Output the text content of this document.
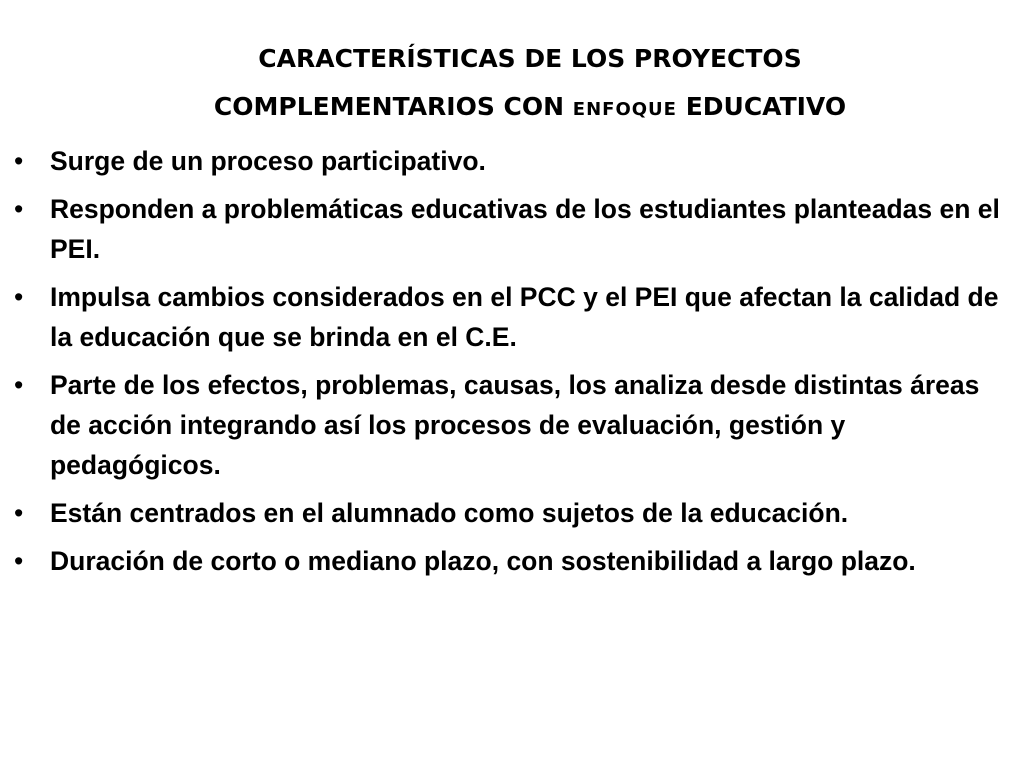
CARACTERÍSTICAS DE LOS PROYECTOS
COMPLEMENTARIOS CON ENFOQUE EDUCATIVO
•	Surge de un proceso participativo.
•	Responden a problemáticas educativas de los estudiantes planteadas en el PEI.
•	Impulsa cambios considerados en el PCC y el PEI que afectan la calidad de la educación que se brinda en el C.E.
•	Parte de los efectos, problemas, causas, los analiza desde distintas áreas de acción integrando así los procesos de evaluación, gestión y pedagógicos.
•	Están centrados en el alumnado como sujetos de la educación.
•	Duración de corto o mediano plazo, con sostenibilidad a largo plazo.
